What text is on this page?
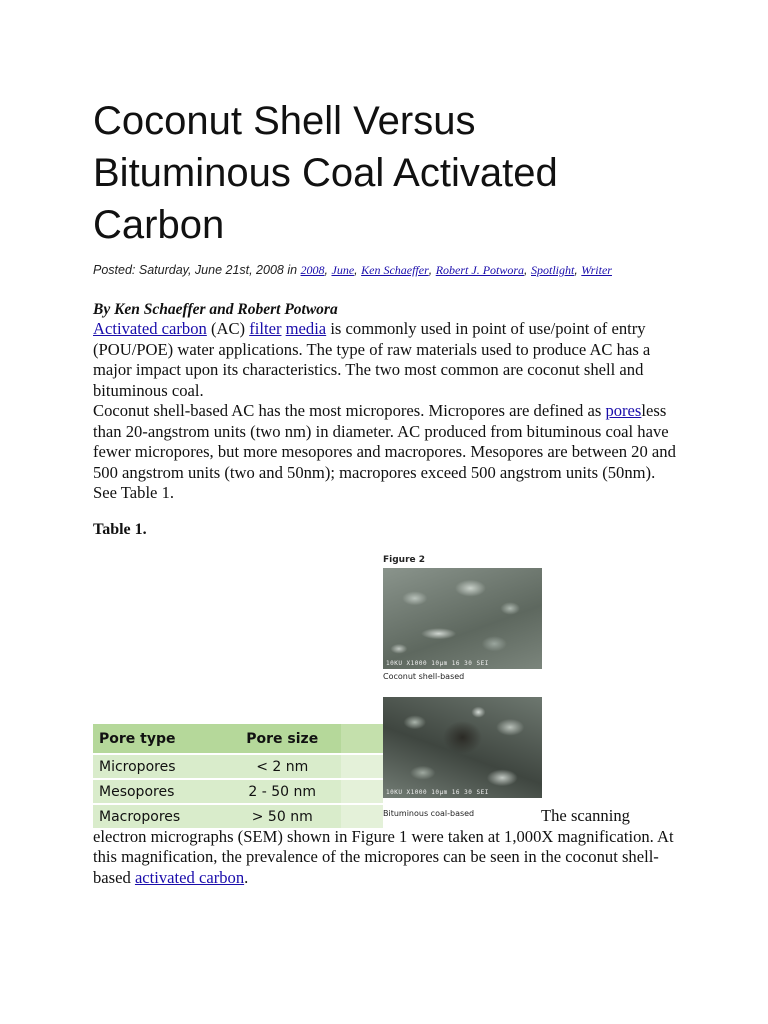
Coconut Shell Versus Bituminous Coal Activated Carbon
Posted: Saturday, June 21st, 2008 in 2008, June, Ken Schaeffer, Robert J. Potwora, Spotlight, Writer
By Ken Schaeffer and Robert Potwora

Activated carbon (AC) filter media is commonly used in point of use/point of entry (POU/POE) water applications. The type of raw materials used to produce AC has a major impact upon its characteristics. The two most common are coconut shell and bituminous coal.

Coconut shell-based AC has the most micropores. Micropores are defined as poresless than 20-angstrom units (two nm) in diameter. AC produced from bituminous coal have fewer micropores, but more mesopores and macropores. Mesopores are between 20 and 500 angstrom units (two and 50nm); macropores exceed 500 angstrom units (50nm). See Table 1.

Table 1.
Figure 2
10KU X1000 10μm 16 30 SEI
Coconut shell-based
10KU X1000 10μm 16 30 SEI
Bituminous coal-based
Pore type	Pore size	
Micropores	< 2 nm	
Mesopores	2 - 50 nm	
Macropores	> 50 nm		The scanning electron micrographs (SEM) shown in Figure 1 were taken at 1,000X magnification. At this magnification, the prevalence of the micropores can be seen in the coconut shell-based activated carbon.
